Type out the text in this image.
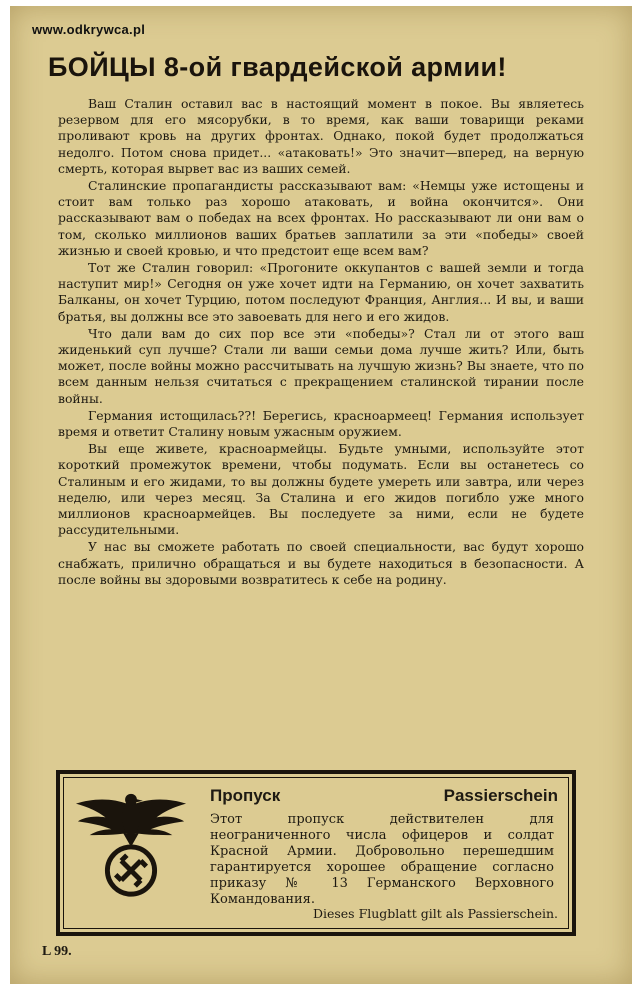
www.odkrywca.pl
БОЙЦЫ 8-ой гвардейской армии!

Ваш Сталин оставил вас в настоящий момент в покое. Вы являетесь резервом для его мясорубки, в то время, как ваши товарищи реками проливают кровь на других фронтах. Однако, покой будет продолжаться недолго. Потом снова придет... «атаковать!» Это значит—вперед, на верную смерть, которая вырвет вас из ваших семей.

Сталинские пропагандисты рассказывают вам: «Немцы уже истощены и стоит вам только раз хорошо атаковать, и война окончится». Они рассказывают вам о победах на всех фронтах. Но рассказывают ли они вам о том, сколько миллионов ваших братьев заплатили за эти «победы» своей жизнью и своей кровью, и что предстоит еще всем вам?

Тот же Сталин говорил: «Прогоните оккупантов с вашей земли и тогда наступит мир!» Сегодня он уже хочет идти на Германию, он хочет захватить Балканы, он хочет Турцию, потом последуют Франция, Англия... И вы, и ваши братья, вы должны все это завоевать для него и его жидов.

Что дали вам до сих пор все эти «победы»? Стал ли от этого ваш жиденький суп лучше? Стали ли ваши семьи дома лучше жить? Или, быть может, после войны можно рассчитывать на лучшую жизнь? Вы знаете, что по всем данным нельзя считаться с прекращением сталинской тирании после войны.

Германия истощилась??! Берегись, красноармеец! Германия использует время и ответит Сталину новым ужасным оружием.

Вы еще живете, красноармейцы. Будьте умными, используйте этот короткий промежуток времени, чтобы подумать. Если вы останетесь со Сталиным и его жидами, то вы должны будете умереть или завтра, или через неделю, или через месяц. За Сталина и его жидов погибло уже много миллионов красноармейцев. Вы последуете за ними, если не будете рассудительными.

У нас вы сможете работать по своей специальности, вас будут хорошо снабжать, прилично обращаться и вы будете находиться в безопасности. А после войны вы здоровыми возвратитесь к себе на родину.

Пропуск	Passierschein
Этот пропуск действителен для неограниченного числа офицеров и солдат Красной Армии. Добровольно перешедшим гарантируется хорошее обращение согласно приказу № 13 Германского Верховного Командования.
Dieses Flugblatt gilt als Passierschein.
L 99.
